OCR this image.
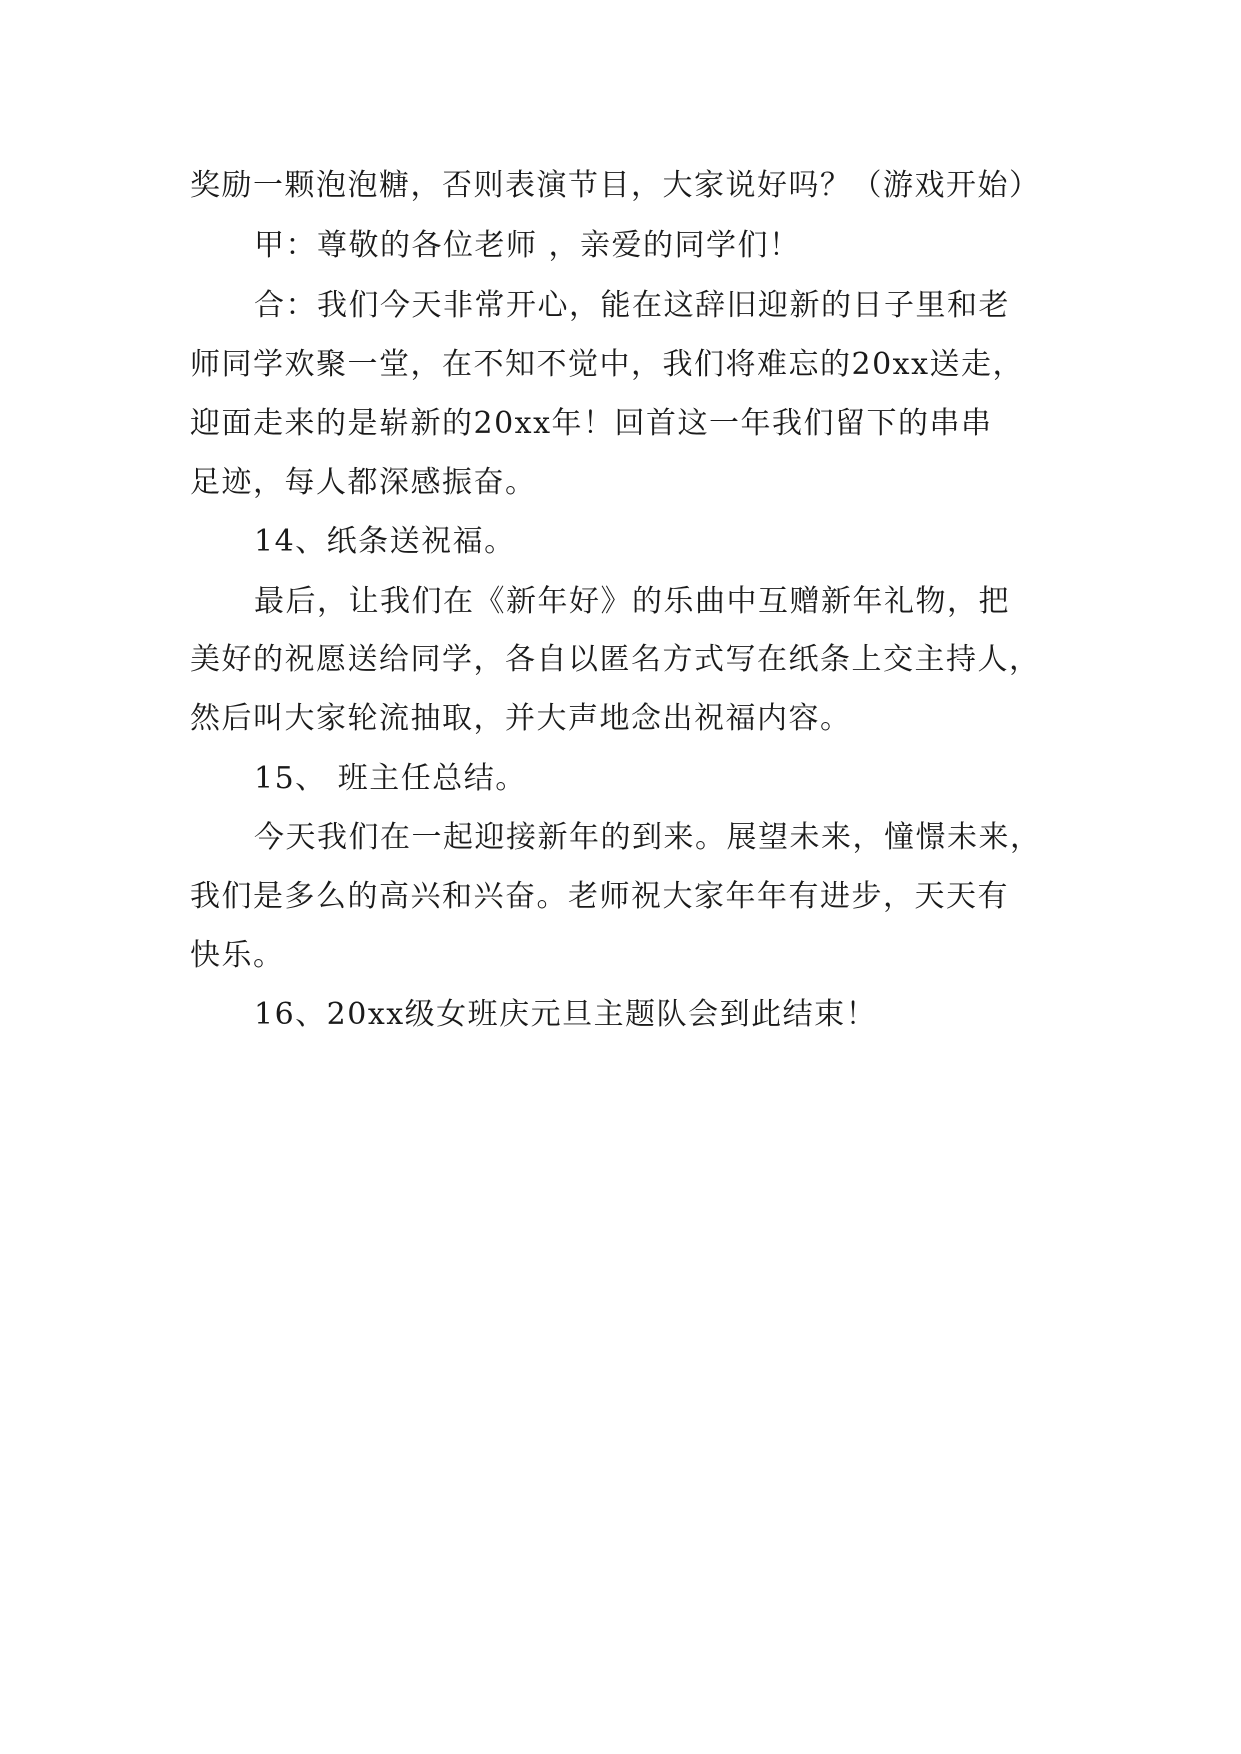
奖励一颗泡泡糖，否则表演节目，大家说好吗？（游戏开始）
甲：尊敬的各位老师 ，亲爱的同学们！
合：我们今天非常开心，能在这辞旧迎新的日子里和老
师同学欢聚一堂，在不知不觉中，我们将难忘的20xx送走，
迎面走来的是崭新的20xx年！回首这一年我们留下的串串
足迹，每人都深感振奋。
14、纸条送祝福。
最后，让我们在《新年好》的乐曲中互赠新年礼物，把
美好的祝愿送给同学，各自以匿名方式写在纸条上交主持人，
然后叫大家轮流抽取，并大声地念出祝福内容。
15、 班主任总结。
今天我们在一起迎接新年的到来。展望未来，憧憬未来，
我们是多么的高兴和兴奋。老师祝大家年年有进步，天天有
快乐。
16、20xx级女班庆元旦主题队会到此结束！
